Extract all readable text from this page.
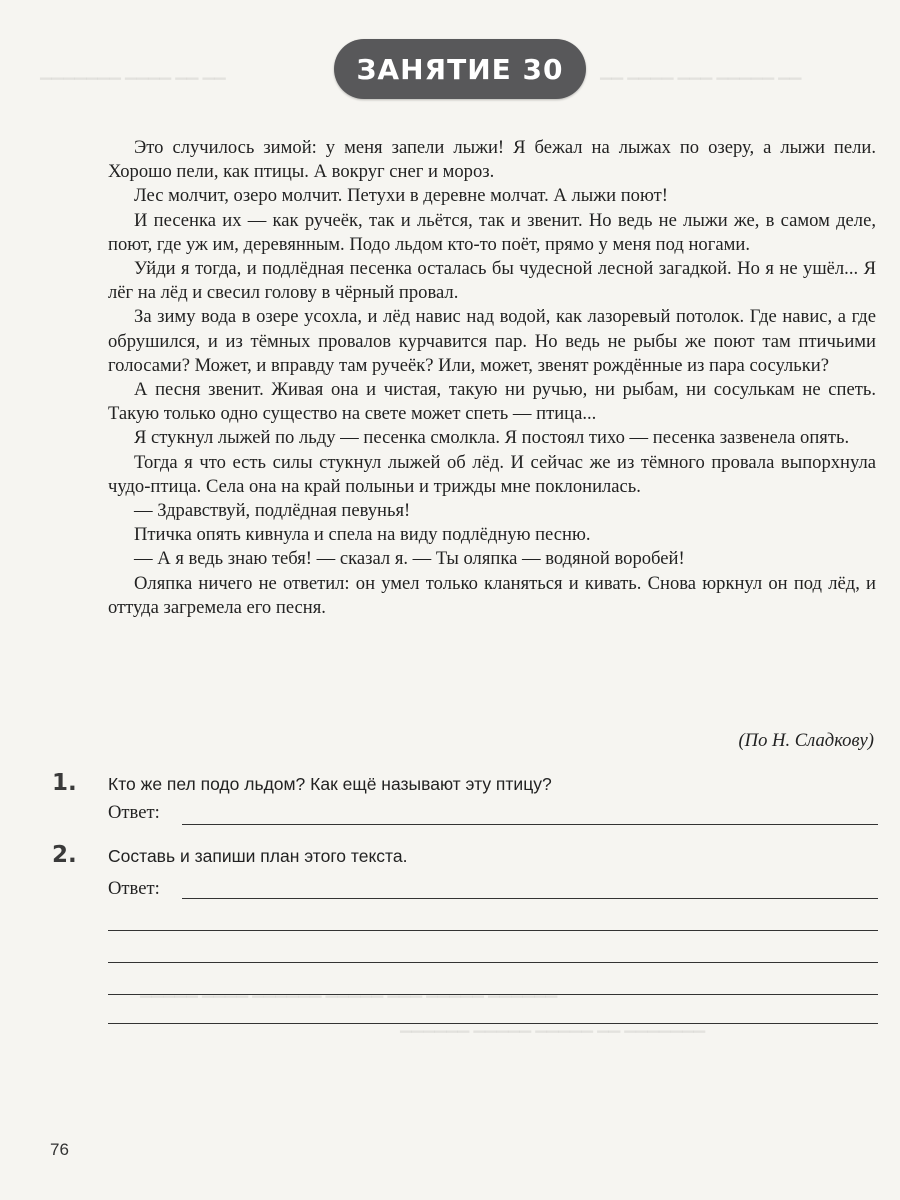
▁▁ ▁▁▁▁ ▁▁▁ ▁▁▁▁▁ ▁▁
▁▁▁▁▁▁▁ ▁▁▁▁ ▁▁ ▁▁
▁▁▁▁▁ ▁▁▁▁ ▁▁▁▁▁▁ ▁▁▁▁▁ ▁▁▁ ▁▁▁▁▁ ▁▁▁▁▁▁
▁▁▁▁▁▁ ▁▁▁▁▁ ▁▁▁▁▁ ▁▁ ▁▁▁▁▁▁▁
ЗАНЯТИЕ 30

Это случилось зимой: у меня запели лыжи! Я бежал на лыжах по озеру, а лыжи пели. Хорошо пели, как птицы. А вокруг снег и мороз.

Лес молчит, озеро молчит. Петухи в деревне молчат. А лыжи поют!

И песенка их — как ручеёк, так и льётся, так и звенит. Но ведь не лыжи же, в самом деле, поют, где уж им, деревянным. Подо льдом кто-то поёт, прямо у меня под ногами.

Уйди я тогда, и подлёдная песенка осталась бы чудесной лесной загадкой. Но я не ушёл... Я лёг на лёд и свесил голову в чёрный провал.

За зиму вода в озере усохла, и лёд навис над водой, как лазоревый потолок. Где навис, а где обрушился, и из тёмных провалов курчавится пар. Но ведь не рыбы же поют там птичьими голосами? Может, и вправду там ручеёк? Или, может, звенят рождённые из пара сосульки?

А песня звенит. Живая она и чистая, такую ни ручью, ни рыбам, ни сосулькам не спеть. Такую только одно существо на свете может спеть — птица...

Я стукнул лыжей по льду — песенка смолкла. Я постоял тихо — песенка зазвенела опять.

Тогда я что есть силы стукнул лыжей об лёд. И сейчас же из тёмного провала выпорхнула чудо-птица. Села она на край полыньи и трижды мне поклонилась.

— Здравствуй, подлёдная певунья!

Птичка опять кивнула и спела на виду подлёдную песню.

— А я ведь знаю тебя! — сказал я. — Ты оляпка — водяной воробей!

Оляпка ничего не ответил: он умел только кланяться и кивать. Снова юркнул он под лёд, и оттуда загремела его песня.

(По Н. Сладкову)
1. Кто же пел подо льдом? Как ещё называют эту птицу?
Ответ:
2. Составь и запиши план этого текста.
Ответ:
76
